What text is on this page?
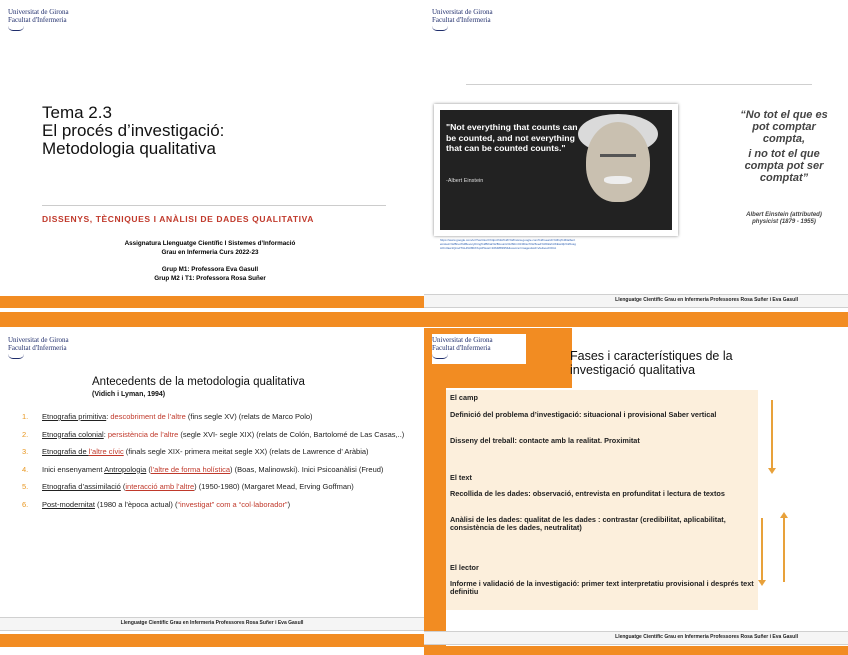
Universitat de Girona
Facultat d'Infermeria
Tema 2.3
El procés d’investigació:
Metodologia qualitativa
DISSENYS, TÈCNIQUES I ANÀLISI DE DADES QUALITATIVA
Assignatura Llenguatge Científic I Sistemes d’Informació
Grau en Infermeria Curs 2022-23
Grup M1: Professora Eva Gasull
Grup M2 i T1: Professora Rosa Suñer
Universitat de Girona
Facultat d'Infermeria
"Not everything that counts can be counted, and not everything that can be counted counts."
-Albert Einstein
https://www.google.com/url?sa=i&url=https%3A%2F%2Fwww.google.com%2Fsearch%3Fq%3Dalbert
einstein%2Bnot%2Beverything%2Bthat%2Bcounts%26tbm%3Disch%26ved%3D2ahUKEwitfp%26usg
AOvVaw1QnsdTGHNU8bXXqAP&ust=1664889354&source=images&cd=vfe&ved=0CA
“No tot el que es
pot comptar
compta,
i no tot el que
compta pot ser
comptat”
Albert Einstein (attributed)
physicist (1879 - 1955)
Llenguatge Científic Grau en Infermeria Professores Rosa Suñer i Eva Gasull
Universitat de Girona
Facultat d'Infermeria
Antecedents de la metodologia qualitativa
(Vidich i Lyman, 1994)
1. Etnografia primitiva: descobriment de l’altre (fins segle XV) (relats de Marco Polo)
2. Etnografia colonial: persistència de l’altre (segle XVI- segle XIX) (relats de Colón, Bartolomé de Las Casas,..)
3. Etnografia de l’altre cívic (finals segle XIX- primera meitat segle XX) (relats de Lawrence d’ Aràbia)
4. Inici ensenyament Antropologia (l’altre de forma holística) (Boas, Malinowski). Inici Psicoanàlisi (Freud)
5. Etnografia d’assimilació (interacció amb l’altre) (1950-1980) (Margaret Mead, Erving Goffman)
6. Post-modernitat (1980 a l’època actual) (“investigat” com a “col·laborador”)
Llenguatge Científic Grau en Infermeria Professores Rosa Suñer i Eva Gasull
Universitat de Girona
Facultat d'Infermeria
Fases i característiques de la
investigació qualitativa
El camp
Definició del problema d’investigació: situacional i provisional Saber vertical
Disseny del treball: contacte amb la realitat. Proximitat
El text
Recollida de les dades: observació, entrevista en profunditat i lectura de textos
Anàlisi de les dades: qualitat de les dades : contrastar (credibilitat, aplicabilitat, consistència de les dades, neutralitat)
El lector
Informe i validació de la investigació: primer text interpretatiu provisional i després text definitiu
Llenguatge Científic Grau en Infermeria Professores Rosa Suñer i Eva Gasull
